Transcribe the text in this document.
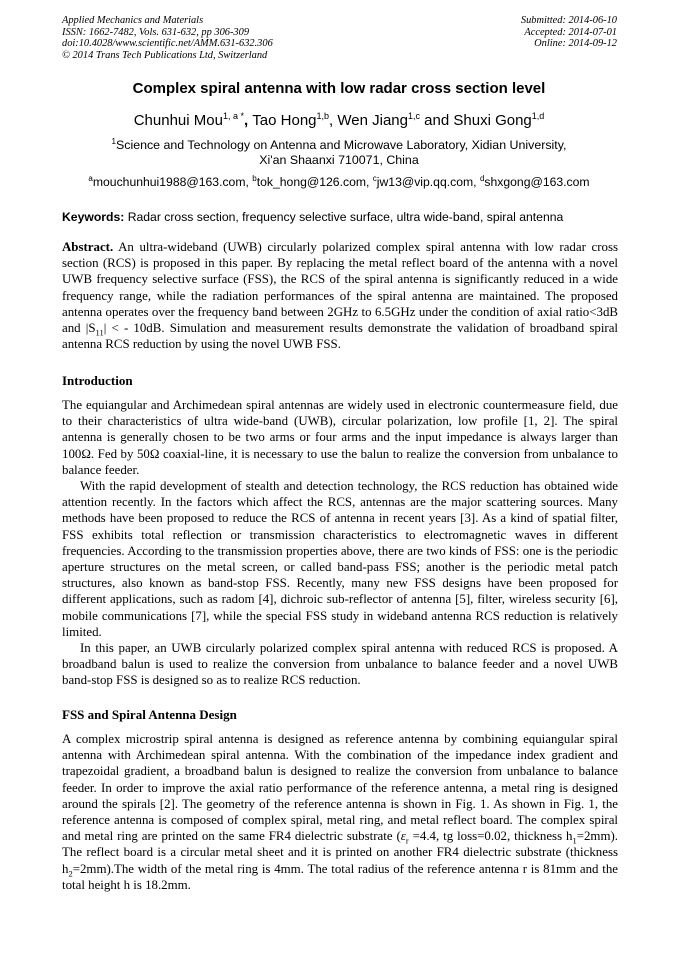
Applied Mechanics and Materials
ISSN: 1662-7482, Vols. 631-632, pp 306-309
doi:10.4028/www.scientific.net/AMM.631-632.306
© 2014 Trans Tech Publications Ltd, Switzerland
Submitted: 2014-06-10
Accepted: 2014-07-01
Online: 2014-09-12
Complex spiral antenna with low radar cross section level
Chunhui Mou$^{1, a *}$, Tao Hong$^{1,b}$, Wen Jiang$^{1,c}$ and Shuxi Gong$^{1,d}$
$^1$Science and Technology on Antenna and Microwave Laboratory, Xidian University,
Xi'an Shaanxi 710071, China
$^a$mouchunhui1988@163.com, $^b$tok_hong@126.com, $^c$jw13@vip.qq.com, $^d$shxgong@163.com
Keywords: Radar cross section, frequency selective surface, ultra wide-band, spiral antenna

Abstract. An ultra-wideband (UWB) circularly polarized complex spiral antenna with low radar cross section (RCS) is proposed in this paper. By replacing the metal reflect board of the antenna with a novel UWB frequency selective surface (FSS), the RCS of the spiral antenna is significantly reduced in a wide frequency range, while the radiation performances of the spiral antenna are maintained. The proposed antenna operates over the frequency band between 2GHz to 6.5GHz under the condition of axial ratio<3dB and $|S_{11}|$ < - 10dB. Simulation and measurement results demonstrate the validation of broadband spiral antenna RCS reduction by using the novel UWB FSS.

Introduction

The equiangular and Archimedean spiral antennas are widely used in electronic countermeasure field, due to their characteristics of ultra wide-band (UWB), circular polarization, low profile [1, 2]. The spiral antenna is generally chosen to be two arms or four arms and the input impedance is always larger than 100Ω. Fed by 50Ω coaxial-line, it is necessary to use the balun to realize the conversion from unbalance to balance feeder.

With the rapid development of stealth and detection technology, the RCS reduction has obtained wide attention recently. In the factors which affect the RCS, antennas are the major scattering sources. Many methods have been proposed to reduce the RCS of antenna in recent years [3]. As a kind of spatial filter, FSS exhibits total reflection or transmission characteristics to electromagnetic waves in different frequencies. According to the transmission properties above, there are two kinds of FSS: one is the periodic aperture structures on the metal screen, or called band-pass FSS; another is the periodic metal patch structures, also known as band-stop FSS. Recently, many new FSS designs have been proposed for different applications, such as radom [4], dichroic sub-reflector of antenna [5], filter, wireless security [6], mobile communications [7], while the special FSS study in wideband antenna RCS reduction is relatively limited.

In this paper, an UWB circularly polarized complex spiral antenna with reduced RCS is proposed. A broadband balun is used to realize the conversion from unbalance to balance feeder and a novel UWB band-stop FSS is designed so as to realize RCS reduction.

FSS and Spiral Antenna Design

A complex microstrip spiral antenna is designed as reference antenna by combining equiangular spiral antenna with Archimedean spiral antenna. With the combination of the impedance index gradient and trapezoidal gradient, a broadband balun is designed to realize the conversion from unbalance to balance feeder. In order to improve the axial ratio performance of the reference antenna, a metal ring is designed around the spirals [2]. The geometry of the reference antenna is shown in Fig. 1. As shown in Fig. 1, the reference antenna is composed of complex spiral, metal ring, and metal reflect board. The complex spiral and metal ring are printed on the same FR4 dielectric substrate ($\varepsilon_r =4.4$, tg loss=0.02, thickness $h_1=2mm$). The reflect board is a circular metal sheet and it is printed on another FR4 dielectric substrate (thickness $h_2=2mm).The$ width of the metal ring is 4mm. The total radius of the reference antenna r is 81mm and the total height h is 18.2mm.
